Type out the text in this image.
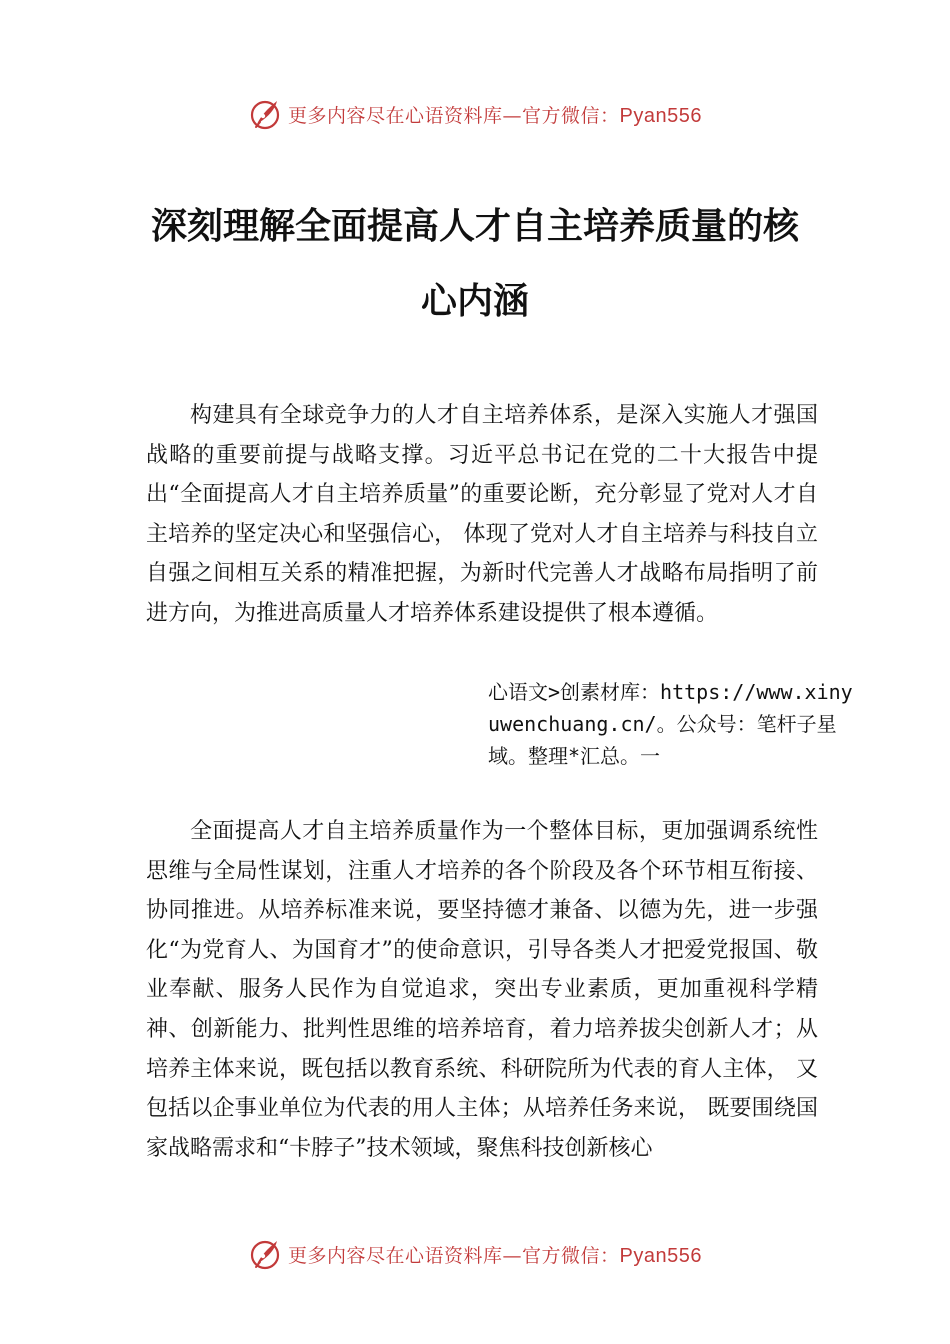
更多内容尽在心语资料库—官方微信：Pyan556
深刻理解全面提高人才自主培养质量的核
心内涵

构建具有全球竞争力的人才自主培养体系，是深入实施人才强国战略的重要前提与战略支撑。习近平总书记在党的二十大报告中提出“全面提高人才自主培养质量”的重要论断，充分彰显了党对人才自主培养的坚定决心和坚强信心， 体现了党对人才自主培养与科技自立自强之间相互关系的精准把握，为新时代完善人才战略布局指明了前进方向，为推进高质量人才培养体系建设提供了根本遵循。

心语文>创素材库：https://www.xinyuwenchuang.cn/。公众号：笔杆子星域。整理*汇总。一

全面提高人才自主培养质量作为一个整体目标，更加强调系统性思维与全局性谋划，注重人才培养的各个阶段及各个环节相互衔接、协同推进。从培养标准来说，要坚持德才兼备、以德为先，进一步强化“为党育人、为国育才”的使命意识，引导各类人才把爱党报国、敬业奉献、服务人民作为自觉追求，突出专业素质，更加重视科学精神、创新能力、批判性思维的培养培育，着力培养拔尖创新人才；从培养主体来说，既包括以教育系统、科研院所为代表的育人主体， 又包括以企事业单位为代表的用人主体；从培养任务来说， 既要围绕国家战略需求和“卡脖子”技术领域，聚焦科技创新核心

更多内容尽在心语资料库—官方微信：Pyan556
